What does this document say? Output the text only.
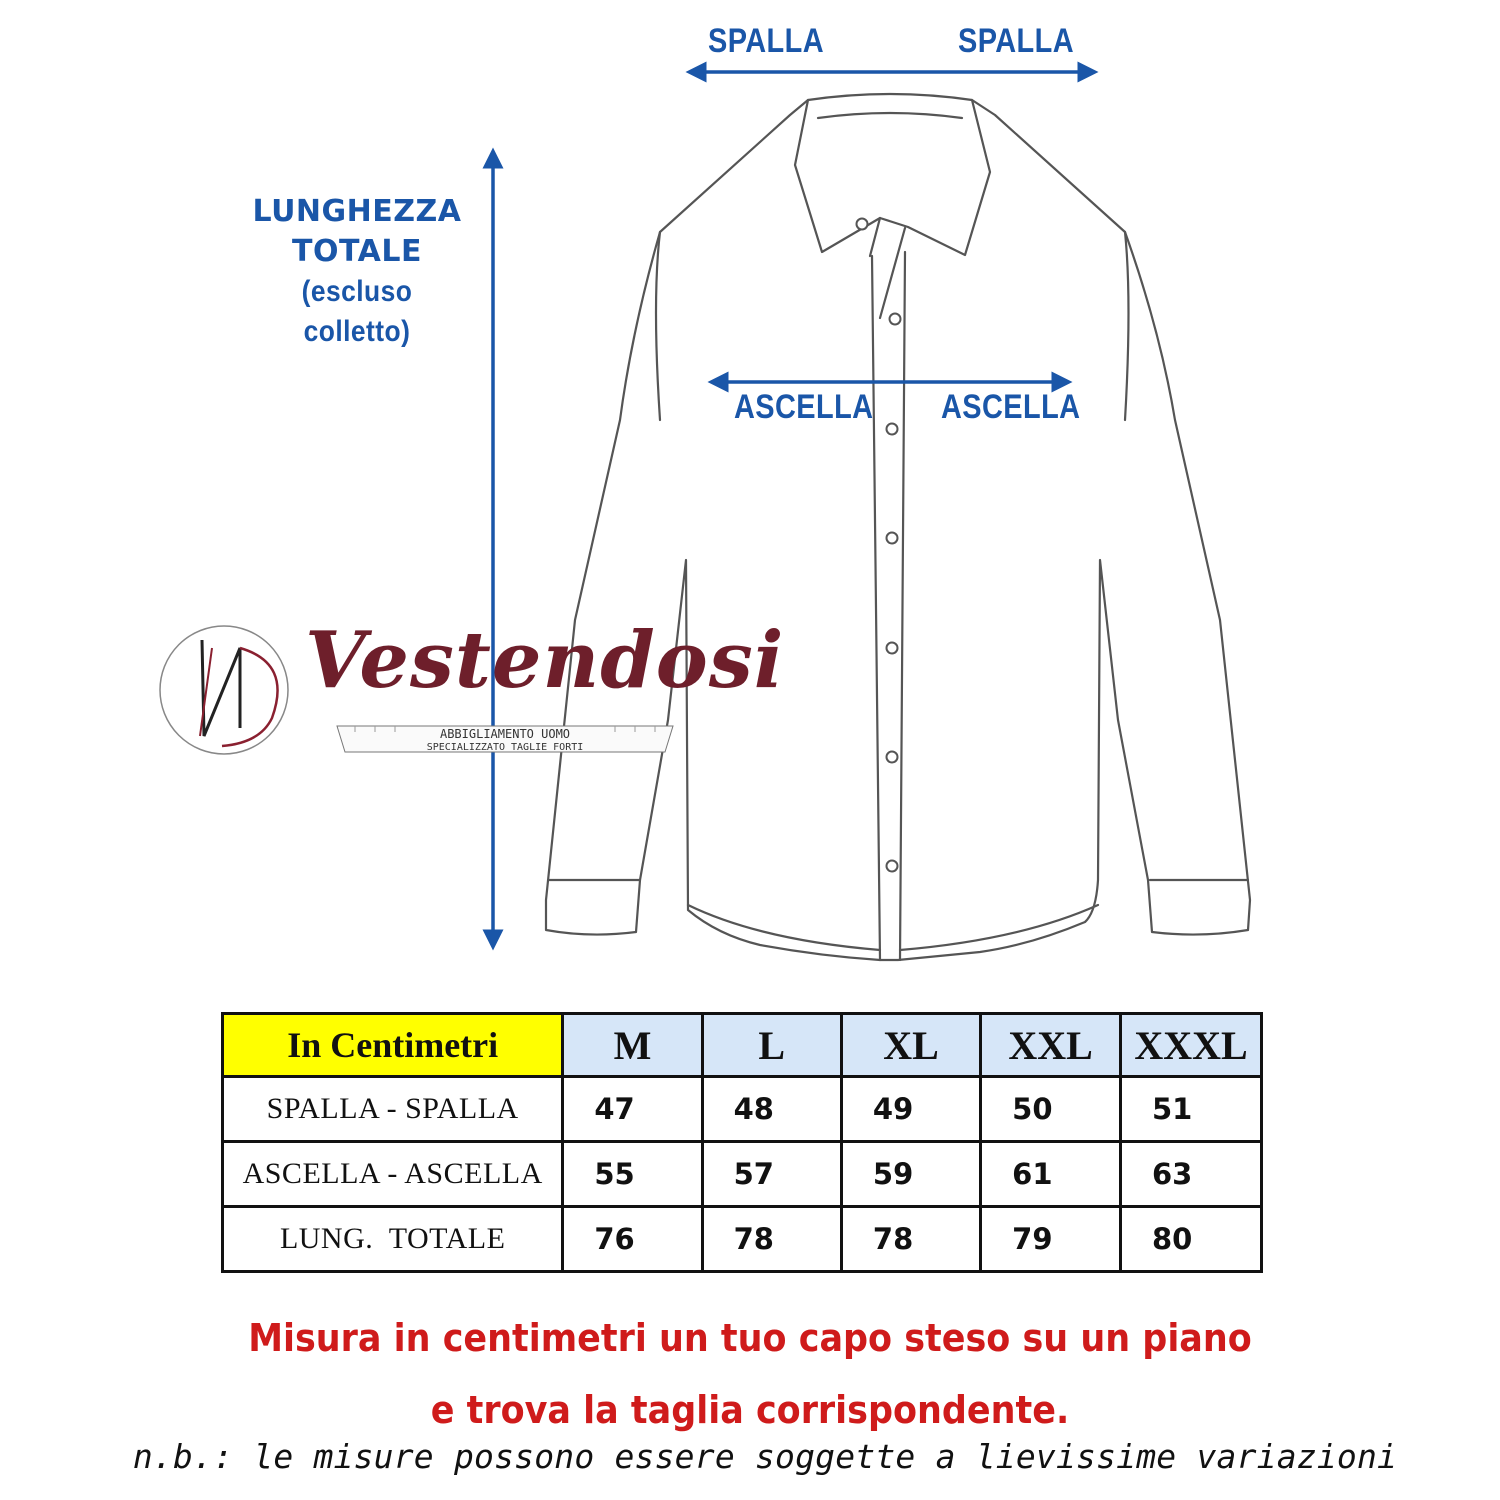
SPALLA	SPALLA
ASCELLA ASCELLA
LUNGHEZZA
TOTALE
(escluso colletto)
Vestendosi
ABBIGLIAMENTO UOMO
SPECIALIZZATO TAGLIE FORTI
In Centimetri	M	L	XL	XXL	XXXL
SPALLA - SPALLA	47	48	49	50	51
ASCELLA - ASCELLA	55	57	59	61	63
LUNG.  TOTALE	76	78	78	79	80
Misura in centimetri un tuo capo steso su un piano
e trova la taglia corrispondente.
n.b.: le misure possono essere soggette a lievissime variazioni
